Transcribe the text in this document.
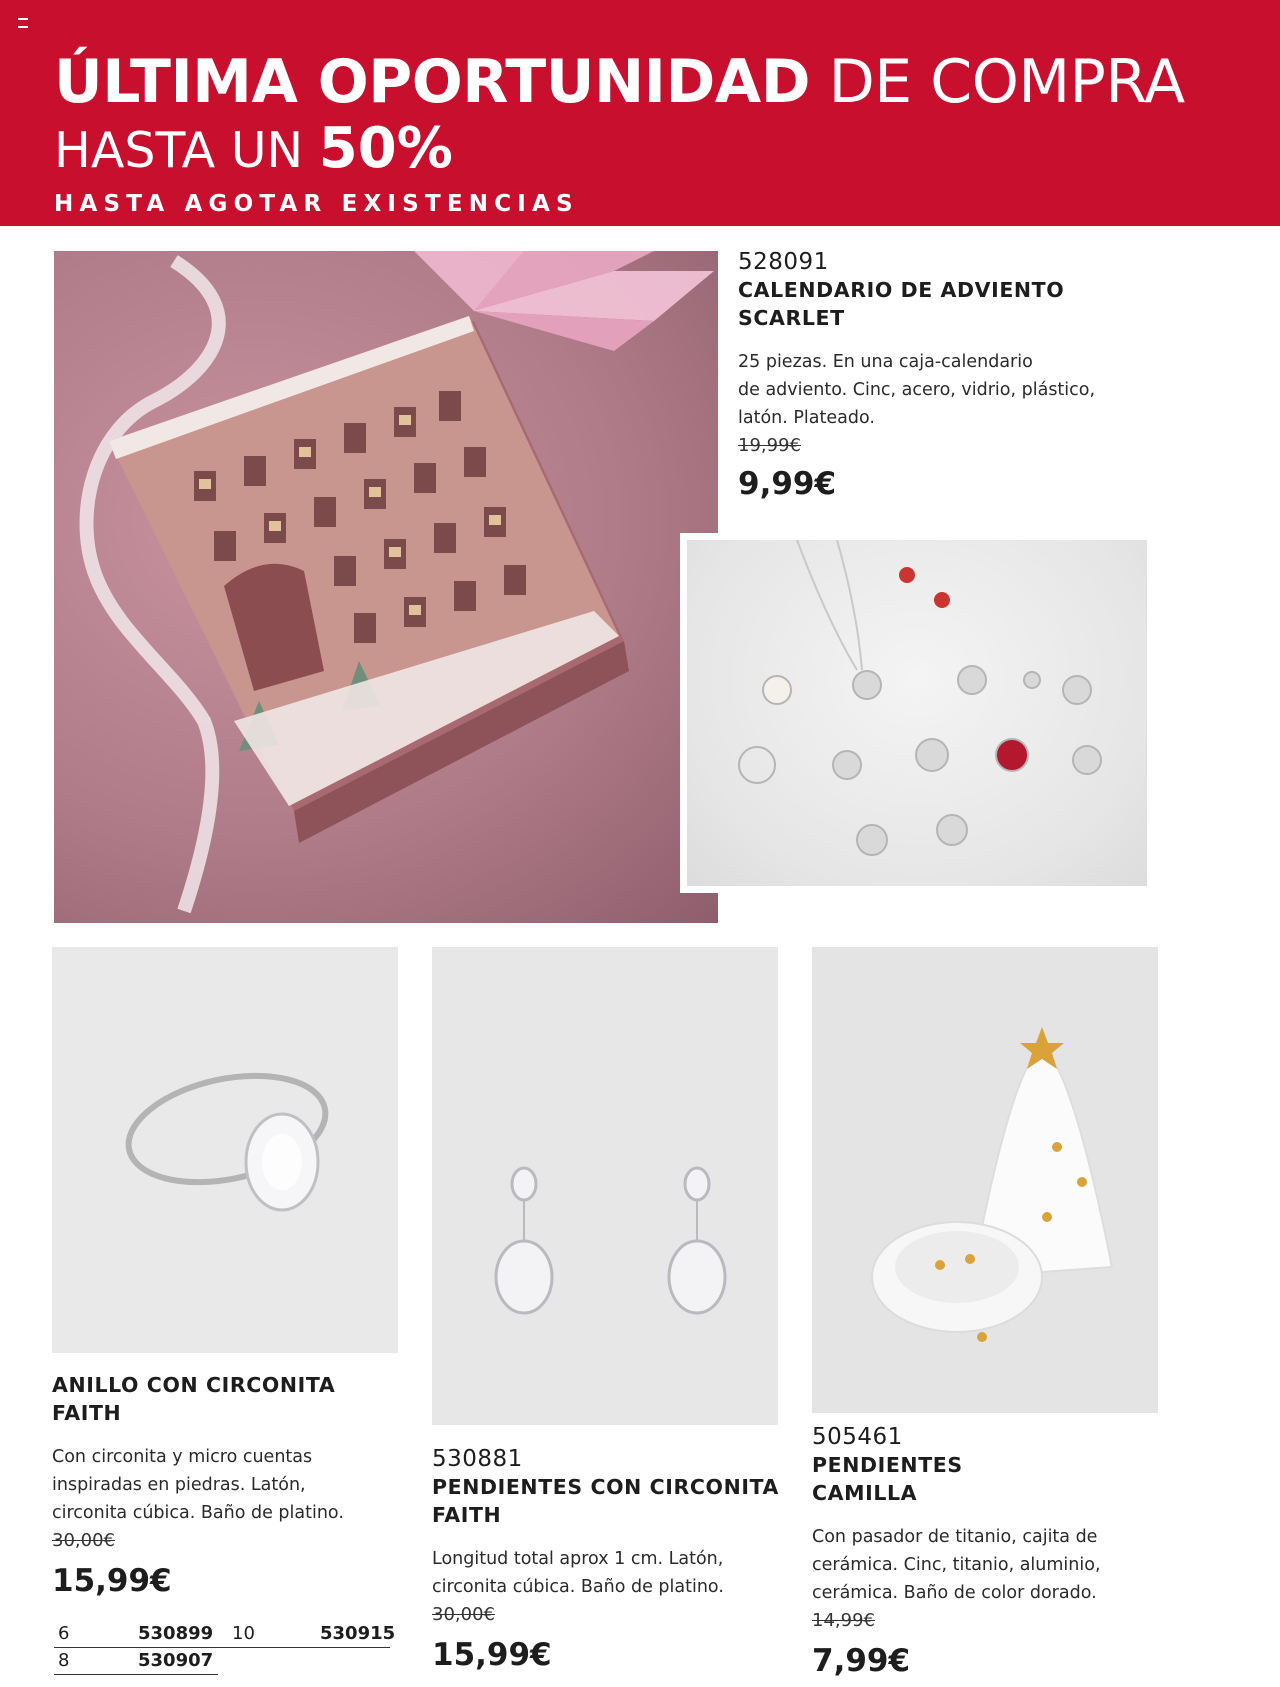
ÚLTIMA OPORTUNIDAD DE COMPRA
HASTA UN 50%
HASTA AGOTAR EXISTENCIAS
528091
CALENDARIO DE ADVIENTO
SCARLET
25 piezas. En una caja-calendario
de adviento. Cinc, acero, vidrio, plástico,
latón. Plateado.
19,99€
9,99€
ANILLO CON CIRCONITA
FAITH
Con circonita y micro cuentas
inspiradas en piedras. Latón,
circonita cúbica. Baño de platino.
30,00€
15,99€
6	530899 10	530915
8	530907
530881
PENDIENTES CON CIRCONITA
FAITH
Longitud total aprox 1 cm. Latón,
circonita cúbica. Baño de platino.
30,00€
15,99€
505461
PENDIENTES
CAMILLA
Con pasador de titanio, cajita de
cerámica. Cinc, titanio, aluminio,
cerámica. Baño de color dorado.
14,99€
7,99€
